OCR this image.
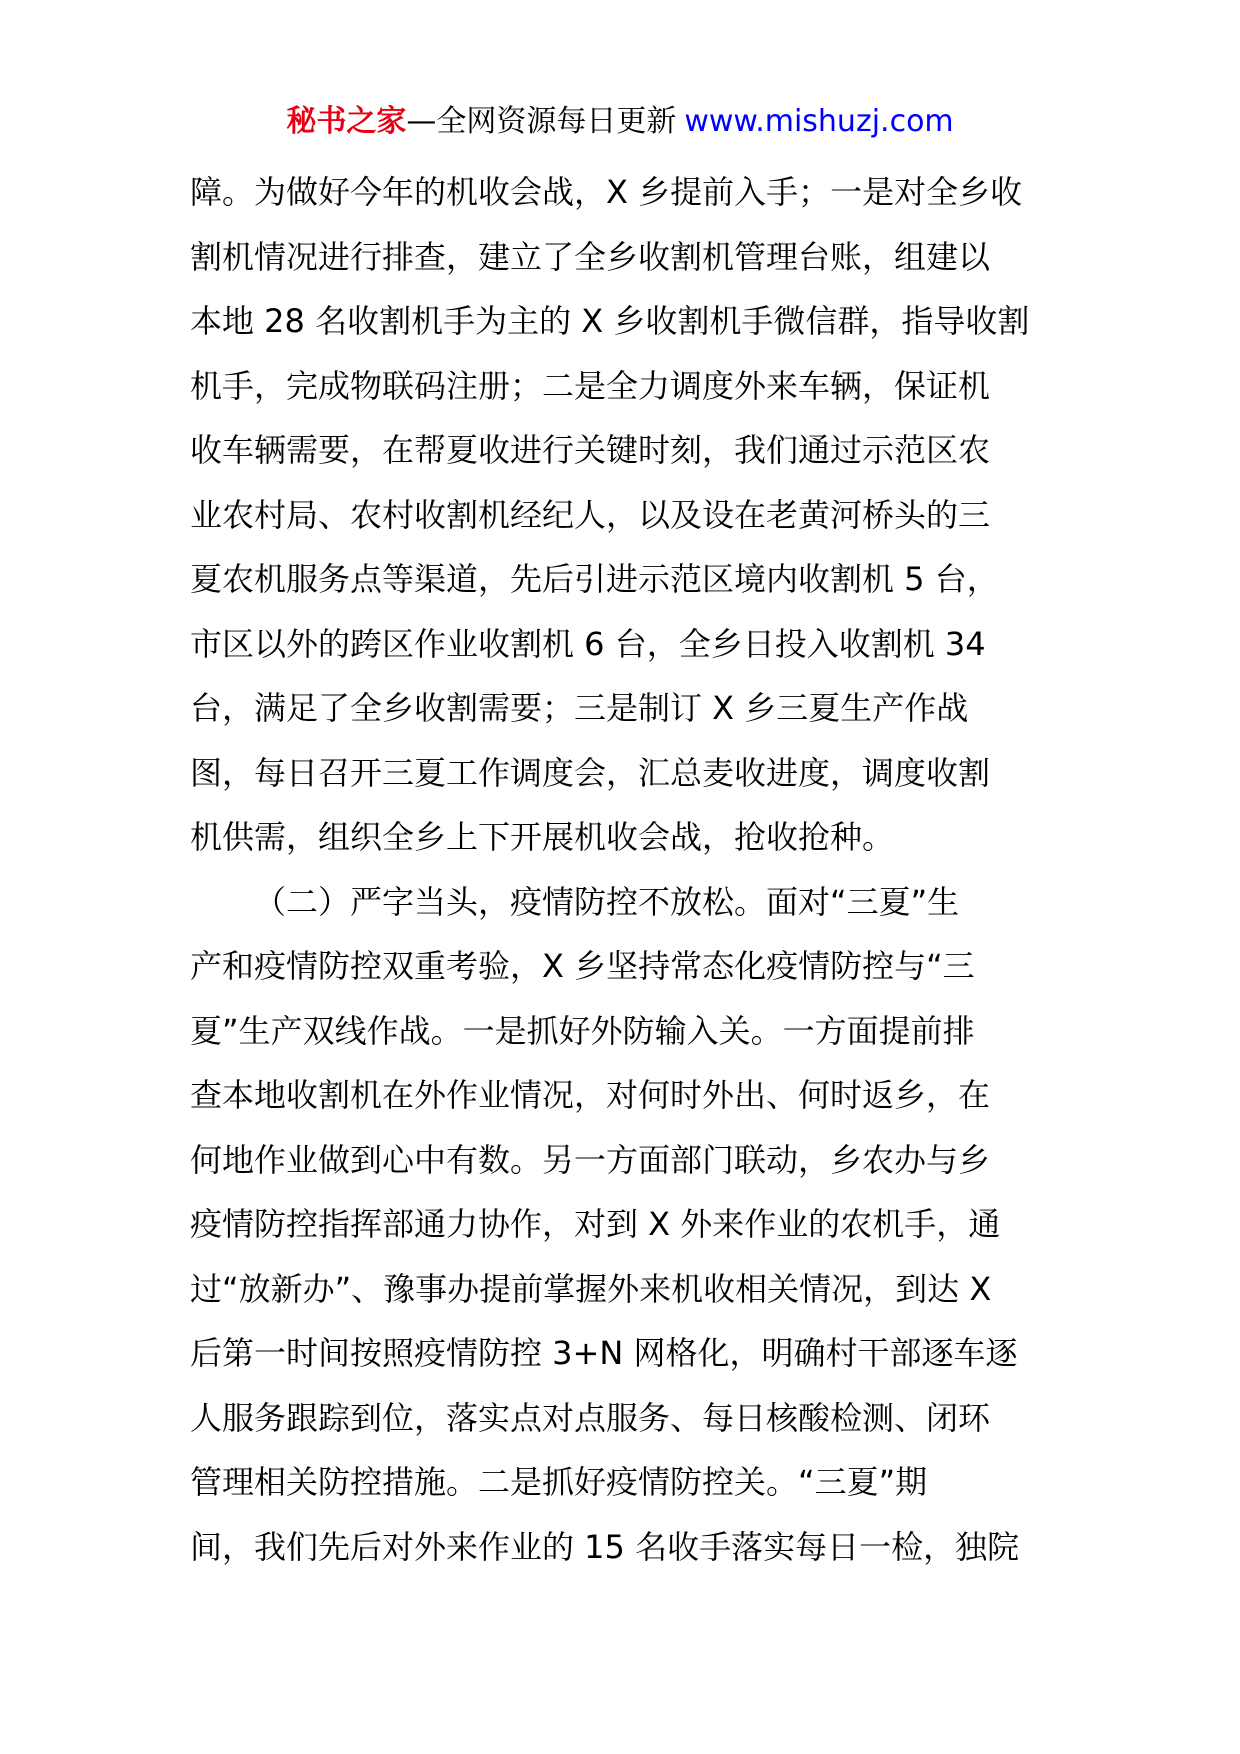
秘书之家—全网资源每日更新 www.mishuzj.com

障。为做好今年的机收会战，X 乡提前入手；一是对全乡收
割机情况进行排查，建立了全乡收割机管理台账，组建以
本地 28 名收割机手为主的 X 乡收割机手微信群，指导收割
机手，完成物联码注册；二是全力调度外来车辆，保证机
收车辆需要，在帮夏收进行关键时刻，我们通过示范区农
业农村局、农村收割机经纪人，以及设在老黄河桥头的三
夏农机服务点等渠道，先后引进示范区境内收割机 5 台，
市区以外的跨区作业收割机 6 台，全乡日投入收割机 34
台，满足了全乡收割需要；三是制订 X 乡三夏生产作战
图，每日召开三夏工作调度会，汇总麦收进度，调度收割
机供需，组织全乡上下开展机收会战，抢收抢种。

（二）严字当头，疫情防控不放松。面对“三夏”生
产和疫情防控双重考验，X 乡坚持常态化疫情防控与“三
夏”生产双线作战。一是抓好外防输入关。一方面提前排
查本地收割机在外作业情况，对何时外出、何时返乡，在
何地作业做到心中有数。另一方面部门联动，乡农办与乡
疫情防控指挥部通力协作，对到 X 外来作业的农机手，通
过“放新办”、豫事办提前掌握外来机收相关情况，到达 X
后第一时间按照疫情防控 3+N 网格化，明确村干部逐车逐
人服务跟踪到位，落实点对点服务、每日核酸检测、闭环
管理相关防控措施。二是抓好疫情防控关。“三夏”期
间，我们先后对外来作业的 15 名收手落实每日一检，独院
